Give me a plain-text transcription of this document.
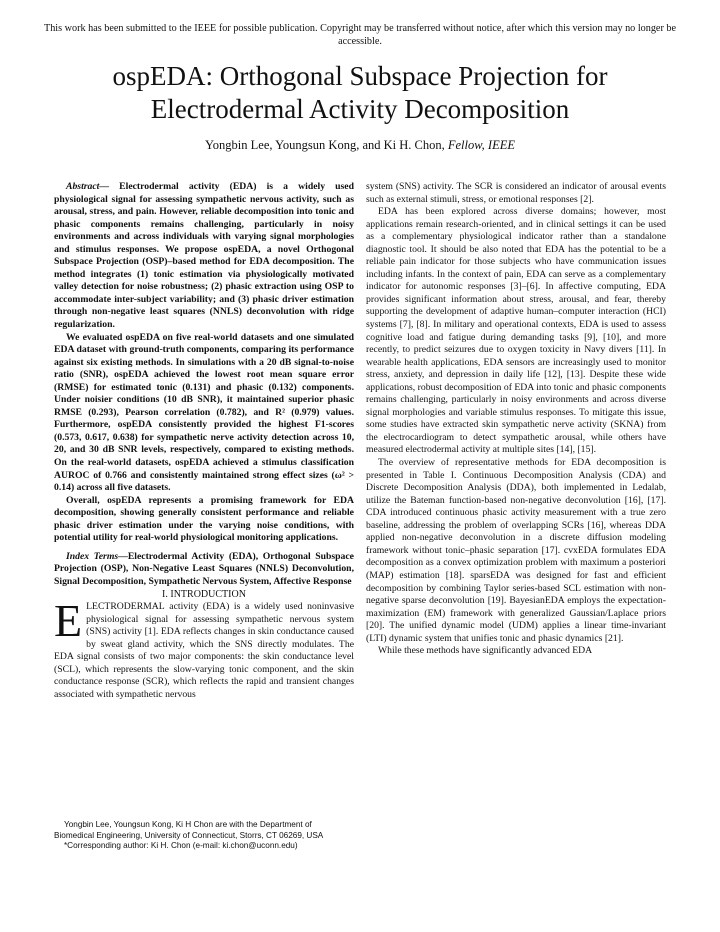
This work has been submitted to the IEEE for possible publication. Copyright may be transferred without notice, after which this version may no longer be accessible.
ospEDA: Orthogonal Subspace Projection for
Electrodermal Activity Decomposition
Yongbin Lee, Youngsun Kong, and Ki H. Chon, Fellow, IEEE

Abstract— Electrodermal activity (EDA) is a widely used physiological signal for assessing sympathetic nervous activity, such as arousal, stress, and pain. However, reliable decomposition into tonic and phasic components remains challenging, particularly in noisy environments and across individuals with varying signal morphologies and stimulus responses. We propose ospEDA, a novel Orthogonal Subspace Projection (OSP)–based method for EDA decomposition. The method integrates (1) tonic estimation via physiologically motivated valley detection for noise robustness; (2) phasic extraction using OSP to accommodate inter-subject variability; and (3) phasic driver estimation through non-negative least squares (NNLS) deconvolution with ridge regularization.

We evaluated ospEDA on five real-world datasets and one simulated EDA dataset with ground-truth components, comparing its performance against six existing methods. In simulations with a 20 dB signal-to-noise ratio (SNR), ospEDA achieved the lowest root mean square error (RMSE) for estimated tonic (0.131) and phasic (0.132) components. Under noisier conditions (10 dB SNR), it maintained superior phasic RMSE (0.293), Pearson correlation (0.782), and R² (0.979) values. Furthermore, ospEDA consistently provided the highest F1-scores (0.573, 0.617, 0.638) for sympathetic nerve activity detection across 10, 20, and 30 dB SNR levels, respectively, compared to existing methods. On the real-world datasets, ospEDA achieved a stimulus classification AUROC of 0.766 and consistently maintained strong effect sizes (ω² > 0.14) across all five datasets.

Overall, ospEDA represents a promising framework for EDA decomposition, showing generally consistent performance and reliable phasic driver estimation under the varying noise conditions, with potential utility for real-world physiological monitoring applications.

Index Terms—Electrodermal Activity (EDA), Orthogonal Subspace Projection (OSP), Non-Negative Least Squares (NNLS) Deconvolution, Signal Decomposition, Sympathetic Nervous System, Affective Response

I. INTRODUCTION

E LECTRODERMAL activity (EDA) is a widely used noninvasive physiological signal for assessing sympathetic nervous system (SNS) activity [1]. EDA reflects changes in skin conductance caused by sweat gland activity, which the SNS directly modulates. The EDA signal consists of two major components: the skin conductance level (SCL), which represents the slow-varying tonic component, and the skin conductance response (SCR), which reflects the rapid and transient changes associated with sympathetic nervous

Yongbin Lee, Youngsun Kong, Ki H Chon are with the Department of Biomedical Engineering, University of Connecticut, Storrs, CT 06269, USA

*Corresponding author: Ki H. Chon (e-mail: ki.chon@uconn.edu)

system (SNS) activity. The SCR is considered an indicator of arousal events such as external stimuli, stress, or emotional responses [2].

EDA has been explored across diverse domains; however, most applications remain research-oriented, and in clinical settings it can be used as a complementary physiological indicator rather than a standalone diagnostic tool. It should be also noted that EDA has the potential to be a reliable pain indicator for those subjects who have communication issues including infants. In the context of pain, EDA can serve as a complementary indicator for autonomic responses [3]–[6]. In affective computing, EDA provides significant information about stress, arousal, and fear, thereby supporting the development of adaptive human–computer interaction (HCI) systems [7], [8]. In military and operational contexts, EDA is used to assess cognitive load and fatigue during demanding tasks [9], [10], and more recently, to predict seizures due to oxygen toxicity in Navy divers [11]. In wearable health applications, EDA sensors are increasingly used to monitor stress, anxiety, and depression in daily life [12], [13]. Despite these wide applications, robust decomposition of EDA into tonic and phasic components remains challenging, particularly in noisy environments and across diverse signal morphologies and variable stimulus responses. To mitigate this issue, some studies have extracted skin sympathetic nerve activity (SKNA) from the electrocardiogram to detect sympathetic arousal, while others have measured electrodermal activity at multiple sites [14], [15].

The overview of representative methods for EDA decomposition is presented in Table I. Continuous Decomposition Analysis (CDA) and Discrete Decomposition Analysis (DDA), both implemented in Ledalab, utilize the Bateman function-based non-negative deconvolution [16], [17]. CDA introduced continuous phasic activity measurement with a true zero baseline, addressing the problem of overlapping SCRs [16], whereas DDA applied non-negative deconvolution in a discrete diffusion modeling framework without tonic–phasic separation [17]. cvxEDA formulates EDA decomposition as a convex optimization problem with maximum a posteriori (MAP) estimation [18]. sparsEDA was designed for fast and efficient decomposition by combining Taylor series-based SCL estimation with non-negative sparse deconvolution [19]. BayesianEDA employs the expectation-maximization (EM) framework with generalized Gaussian/Laplace priors [20]. The unified dynamic model (UDM) applies a linear time-invariant (LTI) dynamic system that unifies tonic and phasic dynamics [21].

While these methods have significantly advanced EDA
